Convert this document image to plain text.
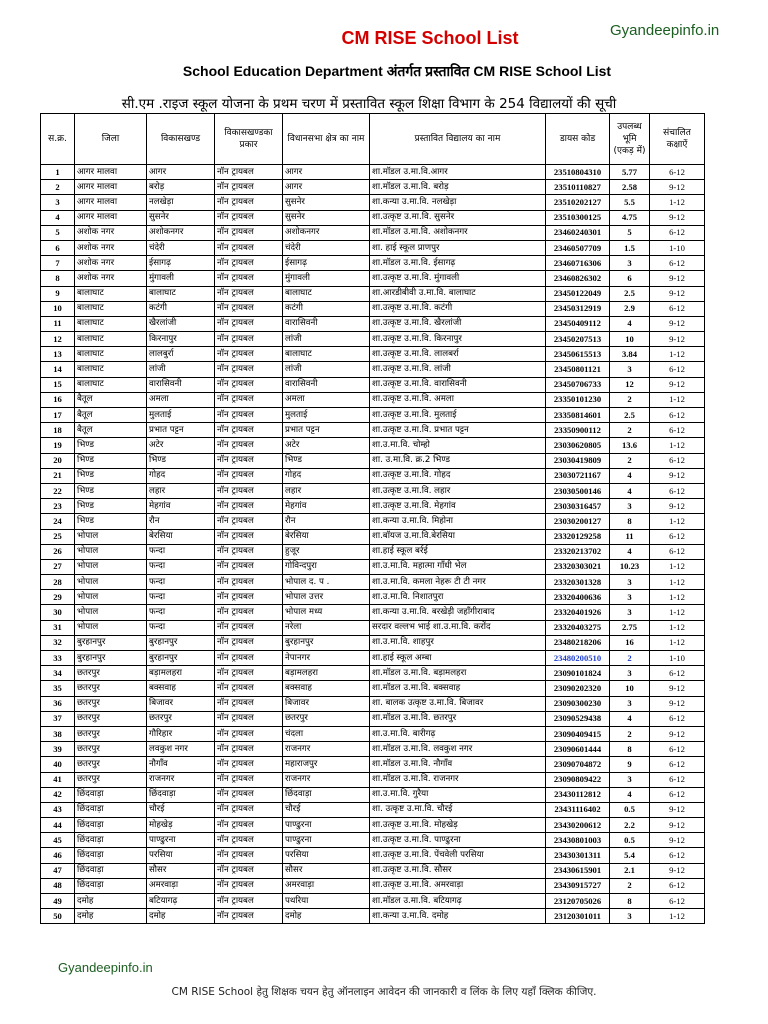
Gyandeepinfo.in
CM RISE School List
School Education Department अंतर्गत प्रस्तावित CM RISE School List
सी.एम .राइज स्कूल योजना के प्रथम चरण में प्रस्तावित स्कूल शिक्षा विभाग के 254 विद्यालयों की सूची
स.क्र.	जिला	विकासखण्ड	विकासखण्डका प्रकार	विधानसभा क्षेत्र का नाम	प्रस्तावित विद्यालय का नाम	डायस कोड	उपलब्ध भूमि (एकड़ में)	संचालित कक्षाऐं
1	आगर मालवा	आगर	नॉन ट्रायबल	आगर	शा.मॉडल उ.मा.वि.आगर	23510804310	5.77	6-12
2	आगर मालवा	बरोड़	नॉन ट्रायबल	आगर	शा.मॉडल उ.मा.वि. बरोड़	23510110827	2.58	9-12
3	आगर मालवा	नलखेड़ा	नॉन ट्रायबल	सुसनेर	शा.कन्या उ.मा.वि. नलखेड़ा	23510202127	5.5	1-12
4	आगर मालवा	सुसनेर	नॉन ट्रायबल	सुसनेर	शा.उत्कृष्ट उ.मा.वि. सुसनेर	23510300125	4.75	9-12
5	अशोक नगर	अशोकनगर	नॉन ट्रायबल	अशोकनगर	शा.मॉडल उ.मा.वि. अशोकनगर	23460240301	5	6-12
6	अशोक नगर	चंदेरी	नॉन ट्रायबल	चंदेरी	शा. हाई स्कूल प्राणपुर	23460507709	1.5	1-10
7	अशोक नगर	ईसागढ़	नॉन ट्रायबल	ईसागढ़	शा.मॉडल उ.मा.वि. ईसागढ़	23460716306	3	6-12
8	अशोक नगर	मुंगावली	नॉन ट्रायबल	मुंगावली	शा.उत्कृष्ट उ.मा.वि. मुंगावली	23460826302	6	9-12
9	बालाघाट	बालाघाट	नॉन ट्रायबल	बालाघाट	शा.आरडीबीवी उ.मा.वि. बालाघाट	23450122049	2.5	9-12
10	बालाघाट	कटंगी	नॉन ट्रायबल	कटंगी	शा.उत्कृष्ट उ.मा.वि. कटंगी	23450312919	2.9	6-12
11	बालाघाट	खैरलांजी	नॉन ट्रायबल	वारासिवनी	शा.उत्कृष्ट उ.मा.वि. खैरलांजी	23450409112	4	9-12
12	बालाघाट	किरनापुर	नॉन ट्रायबल	लांजी	शा.उत्कृष्ट उ.मा.वि. किरनापुर	23450207513	10	9-12
13	बालाघाट	लालबुर्रा	नॉन ट्रायबल	बालाघाट	शा.उत्कृष्ट उ.मा.वि. लालबर्रा	23450615513	3.84	1-12
14	बालाघाट	लांजी	नॉन ट्रायबल	लांजी	शा.उत्कृष्ट उ.मा.वि. लांजी	23450801121	3	6-12
15	बालाघाट	वारासिवनी	नॉन ट्रायबल	वारासिवनी	शा.उत्कृष्ट उ.मा.वि. वारासिवनी	23450706733	12	9-12
16	बैतूल	अमला	नॉन ट्रायबल	अमला	शा.उत्कृष्ट उ.मा.वि. अमला	23350101230	2	1-12
17	बैतूल	मुलताई	नॉन ट्रायबल	मुलताई	शा.उत्कृष्ट उ.मा.वि. मुलताई	23350814601	2.5	6-12
18	बैतूल	प्रभात पट्टन	नॉन ट्रायबल	प्रभात पट्टन	शा.उत्कृष्ट उ.मा.वि. प्रभात पट्टन	23350900112	2	6-12
19	भिण्ड	अटेर	नॉन ट्रायबल	अटेर	शा.उ.मा.वि. चोम्हो	23030620805	13.6	1-12
20	भिण्ड	भिण्ड	नॉन ट्रायबल	भिण्ड	शा. उ.मा.वि. क्र.2 भिण्ड	23030419809	2	6-12
21	भिण्ड	गोहद	नॉन ट्रायबल	गोहद	शा.उत्कृष्ट उ.मा.वि. गोहद	23030721167	4	9-12
22	भिण्ड	लहार	नॉन ट्रायबल	लहार	शा.उत्कृष्ट उ.मा.वि. लहार	23030500146	4	6-12
23	भिण्ड	मेहगांव	नॉन ट्रायबल	मेहगांव	शा.उत्कृष्ट उ.मा.वि. मेहगांव	23030316457	3	9-12
24	भिण्ड	रौन	नॉन ट्रायबल	रौन	शा.कन्या उ.मा.वि. मिहोना	23030200127	8	1-12
25	भोपाल	बेरसिया	नॉन ट्रायबल	बेरसिया	शा.बॉयज उ.मा.वि.बेरसिया	23320129258	11	6-12
26	भोपाल	फन्दा	नॉन ट्रायबल	हुजूर	शा.हाई स्कूल बर्रई	23320213702	4	6-12
27	भोपाल	फन्दा	नॉन ट्रायबल	गोविन्दपुरा	शा.उ.मा.वि. महात्मा गाँधी भेल	23320303021	10.23	1-12
28	भोपाल	फन्दा	नॉन ट्रायबल	भोपाल द. प .	शा.उ.मा.वि. कमला नेहरू टी टी नगर	23320301328	3	1-12
29	भोपाल	फन्दा	नॉन ट्रायबल	भोपाल उत्तर	शा.उ.मा.वि. निशातपुरा	23320400636	3	1-12
30	भोपाल	फन्दा	नॉन ट्रायबल	भोपाल मध्य	शा.कन्या उ.मा.वि. बरखेड़ी जहाँगीराबाद	23320401926	3	1-12
31	भोपाल	फन्दा	नॉन ट्रायबल	नरेला	सरदार वल्लभ भाई शा.उ.मा.वि. करोंद	23320403275	2.75	1-12
32	बुरहानपुर	बुरहानपुर	नॉन ट्रायबल	बुरहानपुर	शा.उ.मा.वि. शाहपुर	23480218206	16	1-12
33	बुरहानपुर	बुरहानपुर	नॉन ट्रायबल	नेपानगर	शा.हाई स्कूल अम्बा	23480200510	2	1-10
34	छतरपुर	बड़ामलहरा	नॉन ट्रायबल	बड़ामलहरा	शा.मॉडल उ.मा.वि. बड़ामलहरा	23090101824	3	6-12
35	छतरपुर	बक्सवाह	नॉन ट्रायबल	बक्सवाह	शा.मॉडल उ.मा.वि. बक्सवाह	23090202320	10	9-12
36	छतरपुर	बिजावर	नॉन ट्रायबल	बिजावर	शा. बालक उत्कृष्ट उ.मा.वि. बिजावर	23090300230	3	9-12
37	छतरपुर	छतरपुर	नॉन ट्रायबल	छतरपुर	शा.मॉडल उ.मा.वि. छतरपुर	23090529438	4	6-12
38	छतरपुर	गौरिहार	नॉन ट्रायबल	चंदला	शा.उ.मा.वि. बारीगढ़	23090409415	2	9-12
39	छतरपुर	लवकुश नगर	नॉन ट्रायबल	राजनगर	शा.मॉडल उ.मा.वि. लवकुश नगर	23090601444	8	6-12
40	छतरपुर	नौगाँव	नॉन ट्रायबल	महाराजपुर	शा.मॉडल उ.मा.वि. नौगाँव	23090704872	9	6-12
41	छतरपुर	राजनगर	नॉन ट्रायबल	राजनगर	शा.मॉडल उ.मा.वि. राजनगर	23090809422	3	6-12
42	छिंदवाड़ा	छिंदवाड़ा	नॉन ट्रायबल	छिंदवाड़ा	शा.उ.मा.वि. गुरैया	23430112812	4	6-12
43	छिंदवाड़ा	चौरई	नॉन ट्रायबल	चौरई	शा. उत्कृष्ट उ.मा.वि. चौरई	23431116402	0.5	9-12
44	छिंदवाड़ा	मोहखेड़	नॉन ट्रायबल	पाण्ढुरना	शा.उत्कृष्ट उ.मा.वि. मोहखेड़	23430200612	2.2	9-12
45	छिंदवाड़ा	पाण्ढुरना	नॉन ट्रायबल	पाण्ढुरना	शा.उत्कृष्ट उ.मा.वि. पाण्ढुरना	23430801003	0.5	9-12
46	छिंदवाड़ा	परसिया	नॉन ट्रायबल	परसिया	शा.उत्कृष्ट उ.मा.वि. पेंचवेली परसिया	23430301311	5.4	6-12
47	छिंदवाड़ा	सौसर	नॉन ट्रायबल	सौसर	शा.उत्कृष्ट उ.मा.वि. सौसर	23430615901	2.1	9-12
48	छिंदवाड़ा	अमरवाड़ा	नॉन ट्रायबल	अमरवाड़ा	शा.उत्कृष्ट उ.मा.वि. अमरवाड़ा	23430915727	2	6-12
49	दमोह	बटियागढ़	नॉन ट्रायबल	पथरिया	शा.मॉडल उ.मा.वि. बटियागढ़	23120705026	8	6-12
50	दमोह	दमोह	नॉन ट्रायबल	दमोह	शा.कन्या उ.मा.वि. दमोह	23120301011	3	1-12
Gyandeepinfo.in
CM RISE School हेतु शिक्षक चयन हेतु ऑनलाइन आवेदन की जानकारी व लिंक के लिए यहाँ क्लिक कीजिए.
